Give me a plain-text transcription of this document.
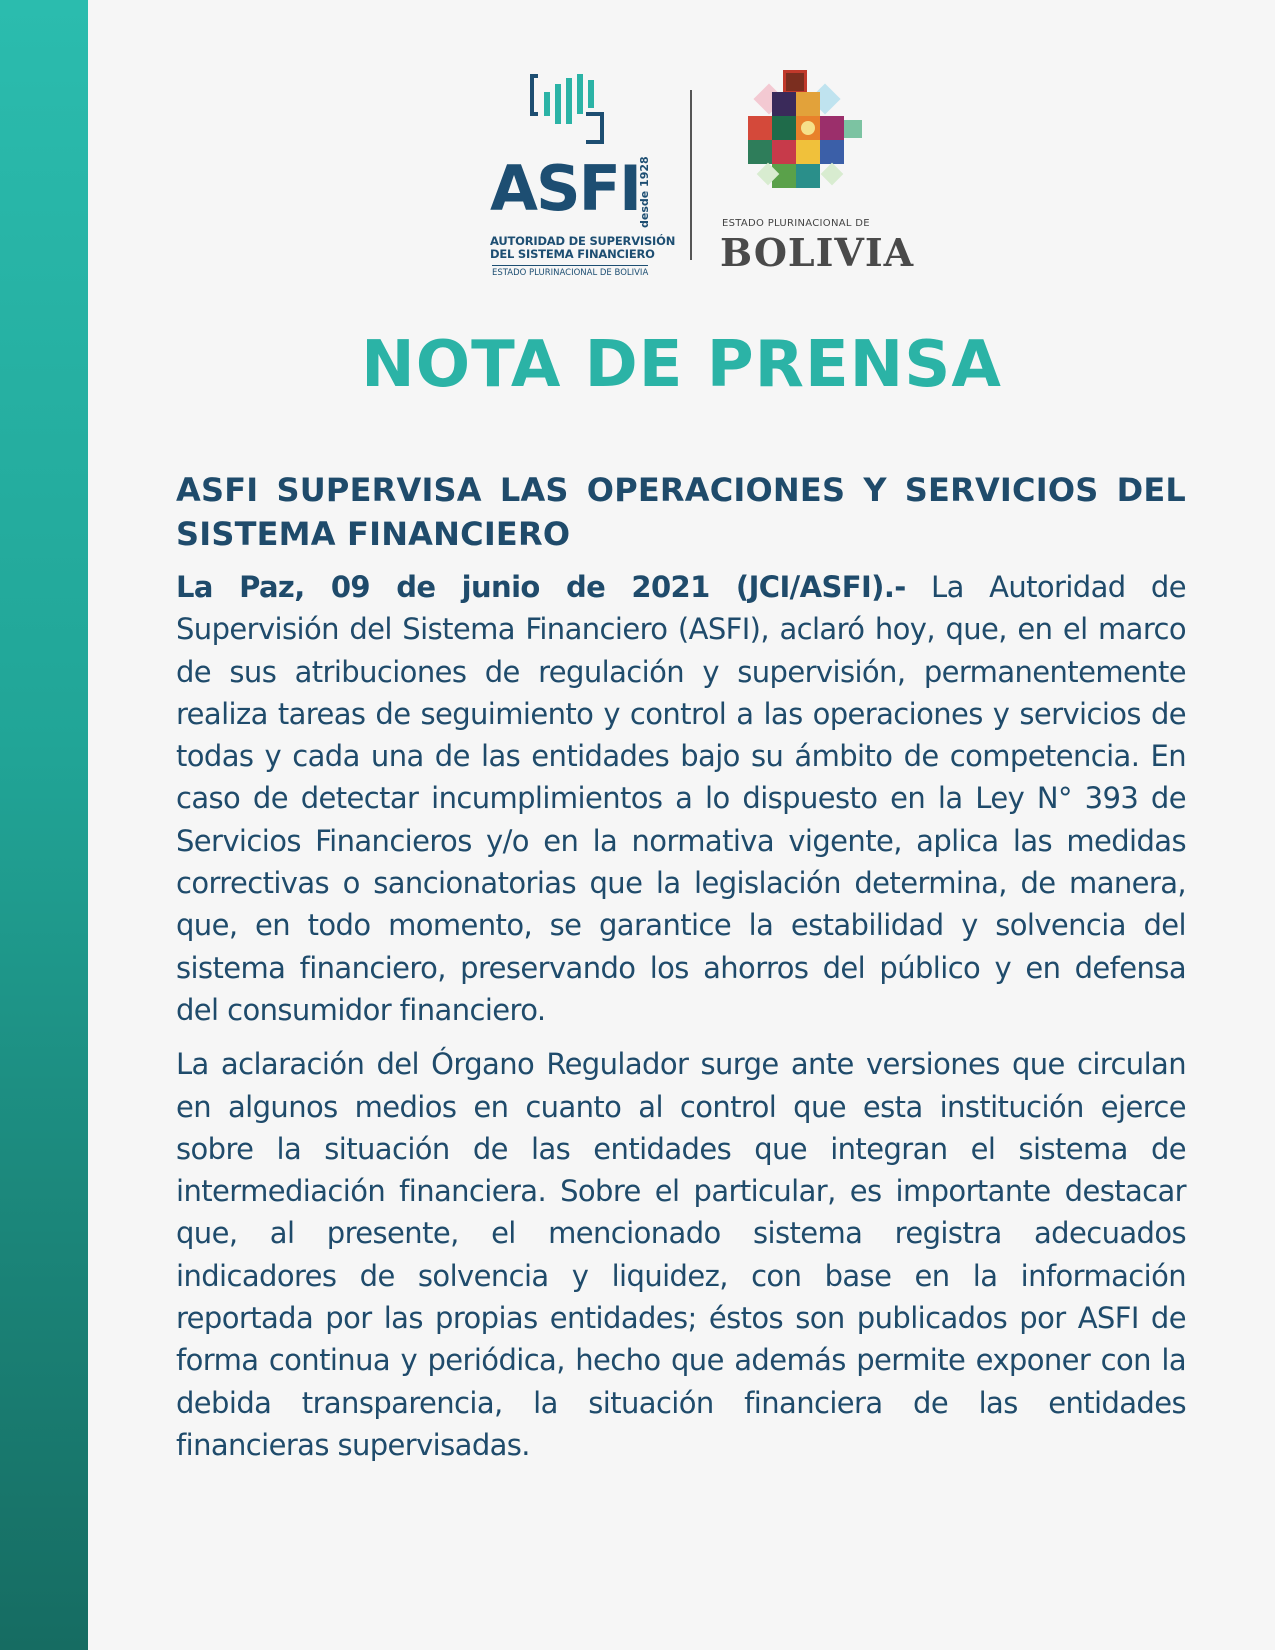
ASFI
desde 1928
AUTORIDAD DE SUPERVISIÓN
DEL SISTEMA FINANCIERO
ESTADO PLURINACIONAL DE BOLIVIA
ESTADO PLURINACIONAL DE
BOLIVIA
NOTA DE PRENSA
ASFI SUPERVISA LAS OPERACIONES Y SERVICIOS DEL SISTEMA FINANCIERO

La Paz, 09 de junio de 2021 (JCI/ASFI).- La Autoridad de Supervisión del Sistema Financiero (ASFI), aclaró hoy, que, en el marco de sus atribuciones de regulación y supervisión, permanentemente realiza tareas de seguimiento y control a las operaciones y servicios de todas y cada una de las entidades bajo su ámbito de competencia. En caso de detectar incumplimientos a lo dispuesto en la Ley N° 393 de Servicios Financieros y/o en la normativa vigente, aplica las medidas correctivas o sancionatorias que la legislación determina, de manera, que, en todo momento, se garantice la estabilidad y solvencia del sistema financiero, preservando los ahorros del público y en defensa del consumidor financiero.

La aclaración del Órgano Regulador surge ante versiones que circulan en algunos medios en cuanto al control que esta institución ejerce sobre la situación de las entidades que integran el sistema de intermediación financiera. Sobre el particular, es importante destacar que, al presente, el mencionado sistema registra adecuados indicadores de solvencia y liquidez, con base en la información reportada por las propias entidades; éstos son publicados por ASFI de forma continua y periódica, hecho que además permite exponer con la debida transparencia, la situación financiera de las entidades financieras supervisadas.
